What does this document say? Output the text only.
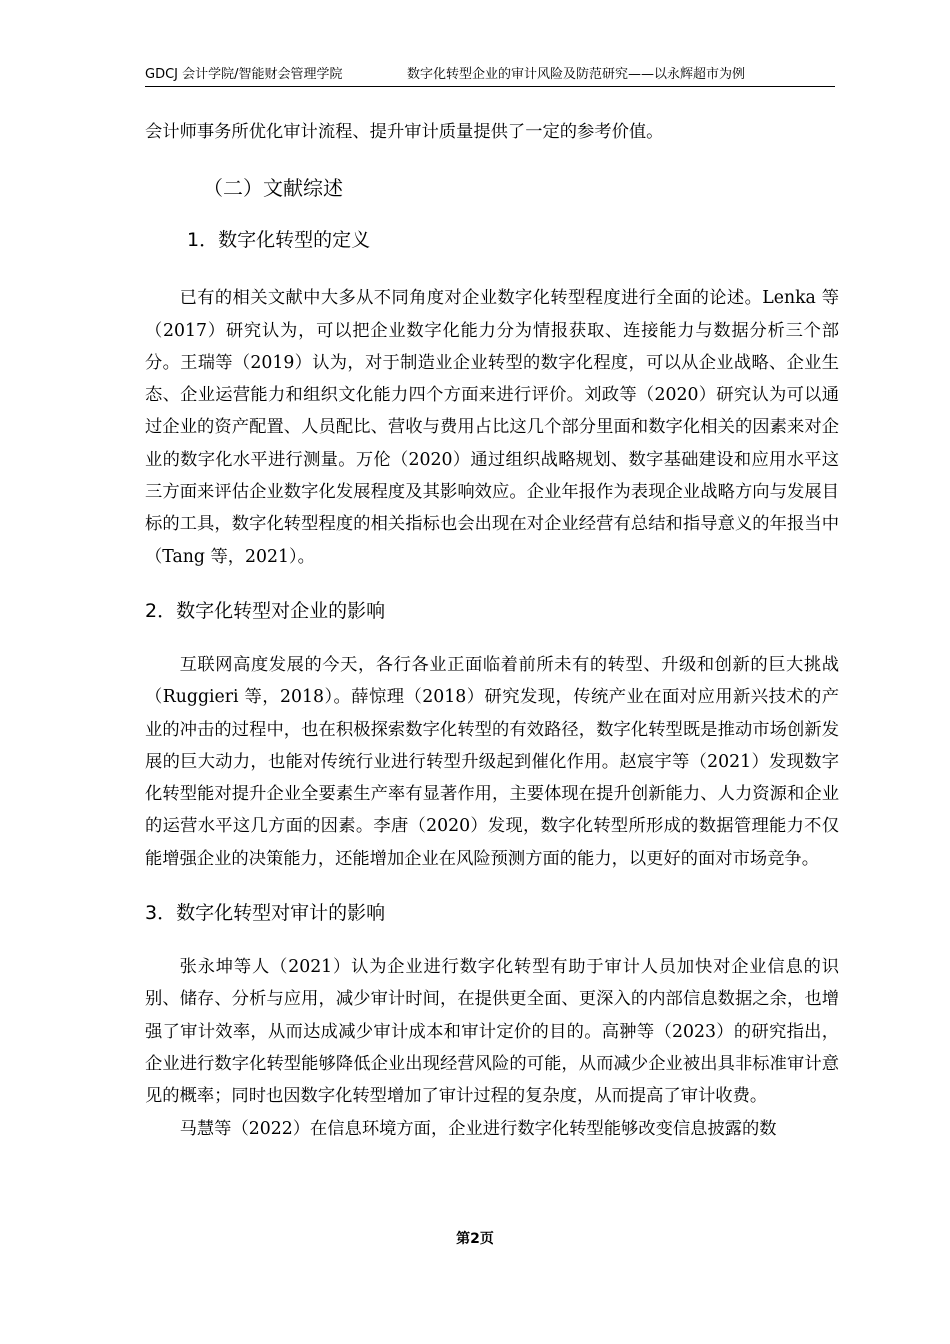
GDCJ 会计学院/智能财会管理学院	数字化转型企业的审计风险及防范研究——以永辉超市为例

会计师事务所优化审计流程、提升审计质量提供了一定的参考价值。

（二）文献综述
1．数字化转型的定义

已有的相关文献中大多从不同角度对企业数字化转型程度进行全面的论述。Lenka 等（2017）研究认为，可以把企业数字化能力分为情报获取、连接能力与数据分析三个部分。王瑞等（2019）认为，对于制造业企业转型的数字化程度，可以从企业战略、企业生态、企业运营能力和组织文化能力四个方面来进行评价。刘政等（2020）研究认为可以通过企业的资产配置、人员配比、营收与费用占比这几个部分里面和数字化相关的因素来对企业的数字化水平进行测量。万伦（2020）通过组织战略规划、数字基础建设和应用水平这三方面来评估企业数字化发展程度及其影响效应。企业年报作为表现企业战略方向与发展目标的工具，数字化转型程度的相关指标也会出现在对企业经营有总结和指导意义的年报当中（Tang 等，2021）。

2．数字化转型对企业的影响

互联网高度发展的今天，各行各业正面临着前所未有的转型、升级和创新的巨大挑战（Ruggieri 等，2018）。薛惊理（2018）研究发现，传统产业在面对应用新兴技术的产业的冲击的过程中，也在积极探索数字化转型的有效路径，数字化转型既是推动市场创新发展的巨大动力，也能对传统行业进行转型升级起到催化作用。赵宸宇等（2021）发现数字化转型能对提升企业全要素生产率有显著作用，主要体现在提升创新能力、人力资源和企业的运营水平这几方面的因素。李唐（2020）发现，数字化转型所形成的数据管理能力不仅能增强企业的决策能力，还能增加企业在风险预测方面的能力，以更好的面对市场竞争。

3．数字化转型对审计的影响

张永坤等人（2021）认为企业进行数字化转型有助于审计人员加快对企业信息的识别、储存、分析与应用，减少审计时间，在提供更全面、更深入的内部信息数据之余，也增强了审计效率，从而达成减少审计成本和审计定价的目的。高翀等（2023）的研究指出，企业进行数字化转型能够降低企业出现经营风险的可能，从而减少企业被出具非标准审计意见的概率；同时也因数字化转型增加了审计过程的复杂度，从而提高了审计收费。

马慧等（2022）在信息环境方面，企业进行数字化转型能够改变信息披露的数

第2页
